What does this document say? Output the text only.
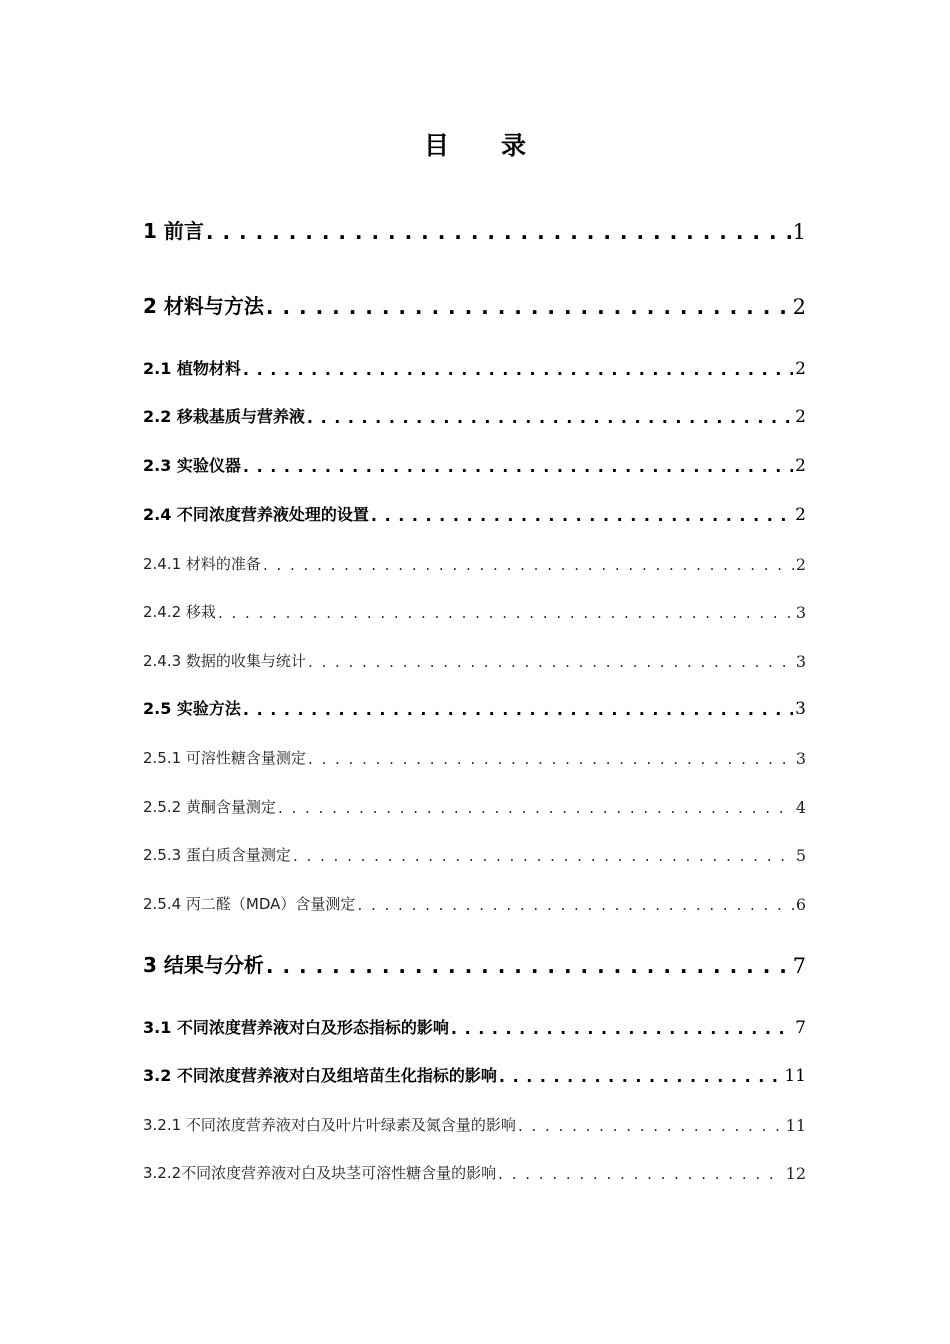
目 录
1 前言 . . .	1
2 材料与方法 . . .	2
2.1 植物材料 . . .	2
2.2 移栽基质与营养液 . . .	2
2.3 实验仪器 . . .	2
2.4 不同浓度营养液处理的设置 . . .	2
2.4.1 材料的准备 . . .	2
2.4.2 移栽 . . .	3
2.4.3 数据的收集与统计 . . .	3
2.5 实验方法 . . .	3
2.5.1 可溶性糖含量测定 . . .	3
2.5.2 黄酮含量测定 . . .	4
2.5.3 蛋白质含量测定 . . .	5
2.5.4 丙二醛（MDA）含量测定 . . .	6
3 结果与分析 . . .	7
3.1 不同浓度营养液对白及形态指标的影响 . . .	7
3.2 不同浓度营养液对白及组培苗生化指标的影响 . . .	11
3.2.1 不同浓度营养液对白及叶片叶绿素及氮含量的影响 . . .	11
3.2.2不同浓度营养液对白及块茎可溶性糖含量的影响 . . .	12
